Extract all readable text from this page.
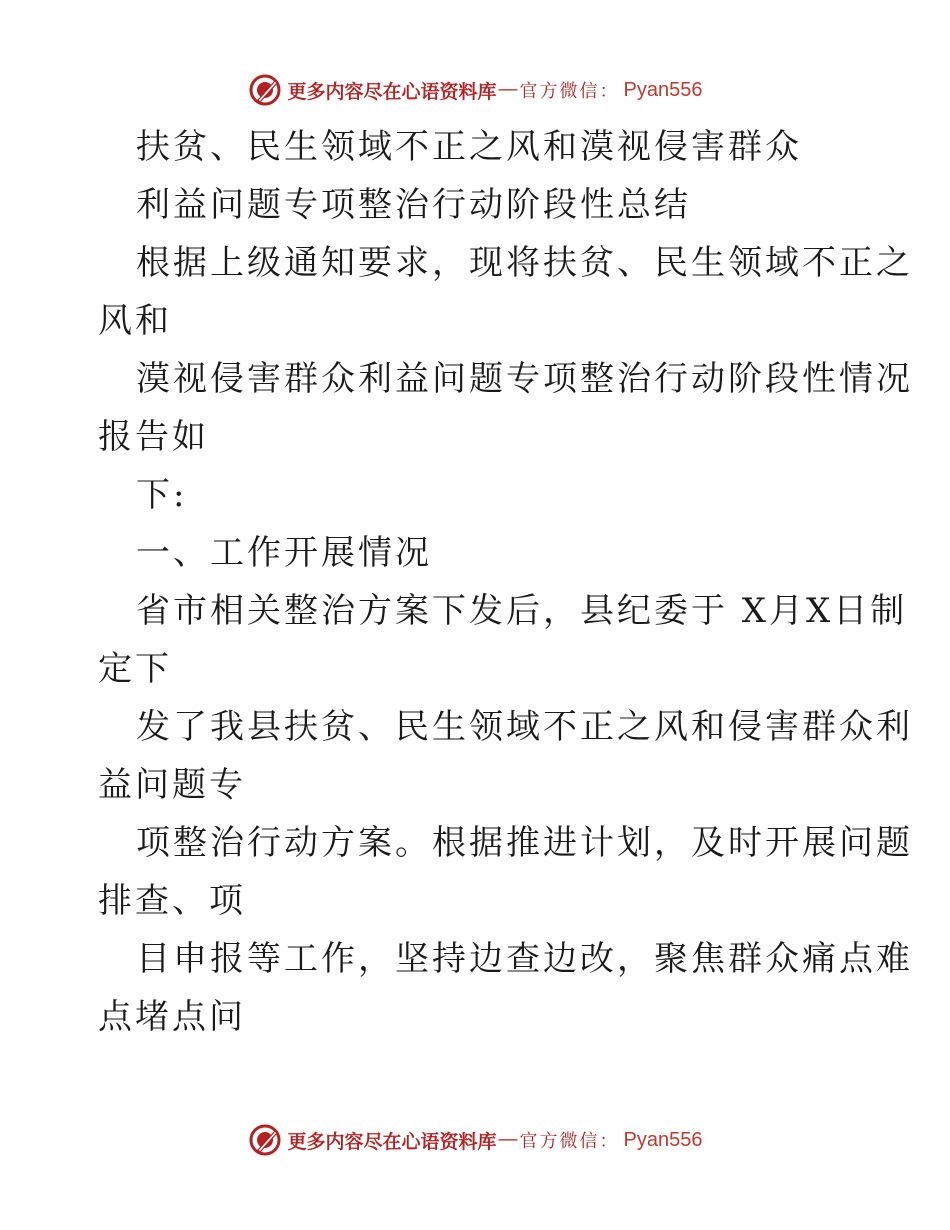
更多内容尽在心语资料库 — 官方微信： Pyan556
扶贫、民生领域不正之风和漠视侵害群众
利益问题专项整治行动阶段性总结
根据上级通知要求，现将扶贫、民生领域不正之
风和
漠视侵害群众利益问题专项整治行动阶段性情况
报告如
下:
一、工作开展情况
省市相关整治方案下发后，县纪委于 X月X日制
定下
发了我县扶贫、民生领域不正之风和侵害群众利
益问题专
项整治行动方案。根据推进计划，及时开展问题
排查、项
目申报等工作，坚持边查边改，聚焦群众痛点难
点堵点问
更多内容尽在心语资料库 — 官方微信： Pyan556
